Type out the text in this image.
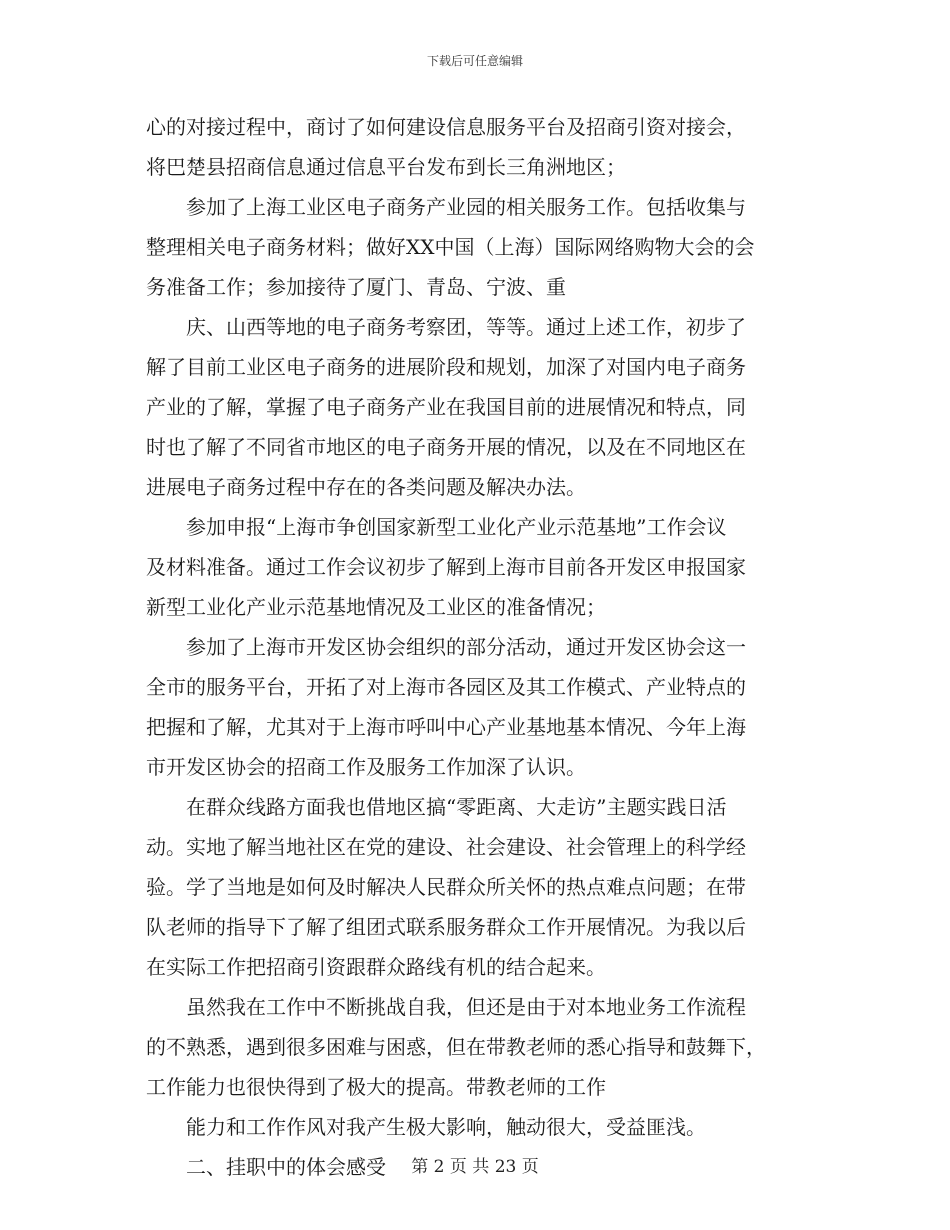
下载后可任意编辑
心的对接过程中，商讨了如何建设信息服务平台及招商引资对接会，
将巴楚县招商信息通过信息平台发布到长三角洲地区；
参加了上海工业区电子商务产业园的相关服务工作。包括收集与
整理相关电子商务材料；做好XX中国（上海）国际网络购物大会的会
务准备工作；参加接待了厦门、青岛、宁波、重
庆、山西等地的电子商务考察团，等等。通过上述工作，初步了
解了目前工业区电子商务的进展阶段和规划，加深了对国内电子商务
产业的了解，掌握了电子商务产业在我国目前的进展情况和特点，同
时也了解了不同省市地区的电子商务开展的情况，以及在不同地区在
进展电子商务过程中存在的各类问题及解决办法。
参加申报“上海市争创国家新型工业化产业示范基地”工作会议
及材料准备。通过工作会议初步了解到上海市目前各开发区申报国家
新型工业化产业示范基地情况及工业区的准备情况；
参加了上海市开发区协会组织的部分活动，通过开发区协会这一
全市的服务平台，开拓了对上海市各园区及其工作模式、产业特点的
把握和了解，尤其对于上海市呼叫中心产业基地基本情况、今年上海
市开发区协会的招商工作及服务工作加深了认识。
在群众线路方面我也借地区搞“零距离、大走访”主题实践日活
动。实地了解当地社区在党的建设、社会建设、社会管理上的科学经
验。学了当地是如何及时解决人民群众所关怀的热点难点问题；在带
队老师的指导下了解了组团式联系服务群众工作开展情况。为我以后
在实际工作把招商引资跟群众路线有机的结合起来。
虽然我在工作中不断挑战自我，但还是由于对本地业务工作流程
的不熟悉，遇到很多困难与困惑，但在带教老师的悉心指导和鼓舞下，
工作能力也很快得到了极大的提高。带教老师的工作
能力和工作作风对我产生极大影响，触动很大，受益匪浅。
二、挂职中的体会感受	第 2 页 共 23 页
